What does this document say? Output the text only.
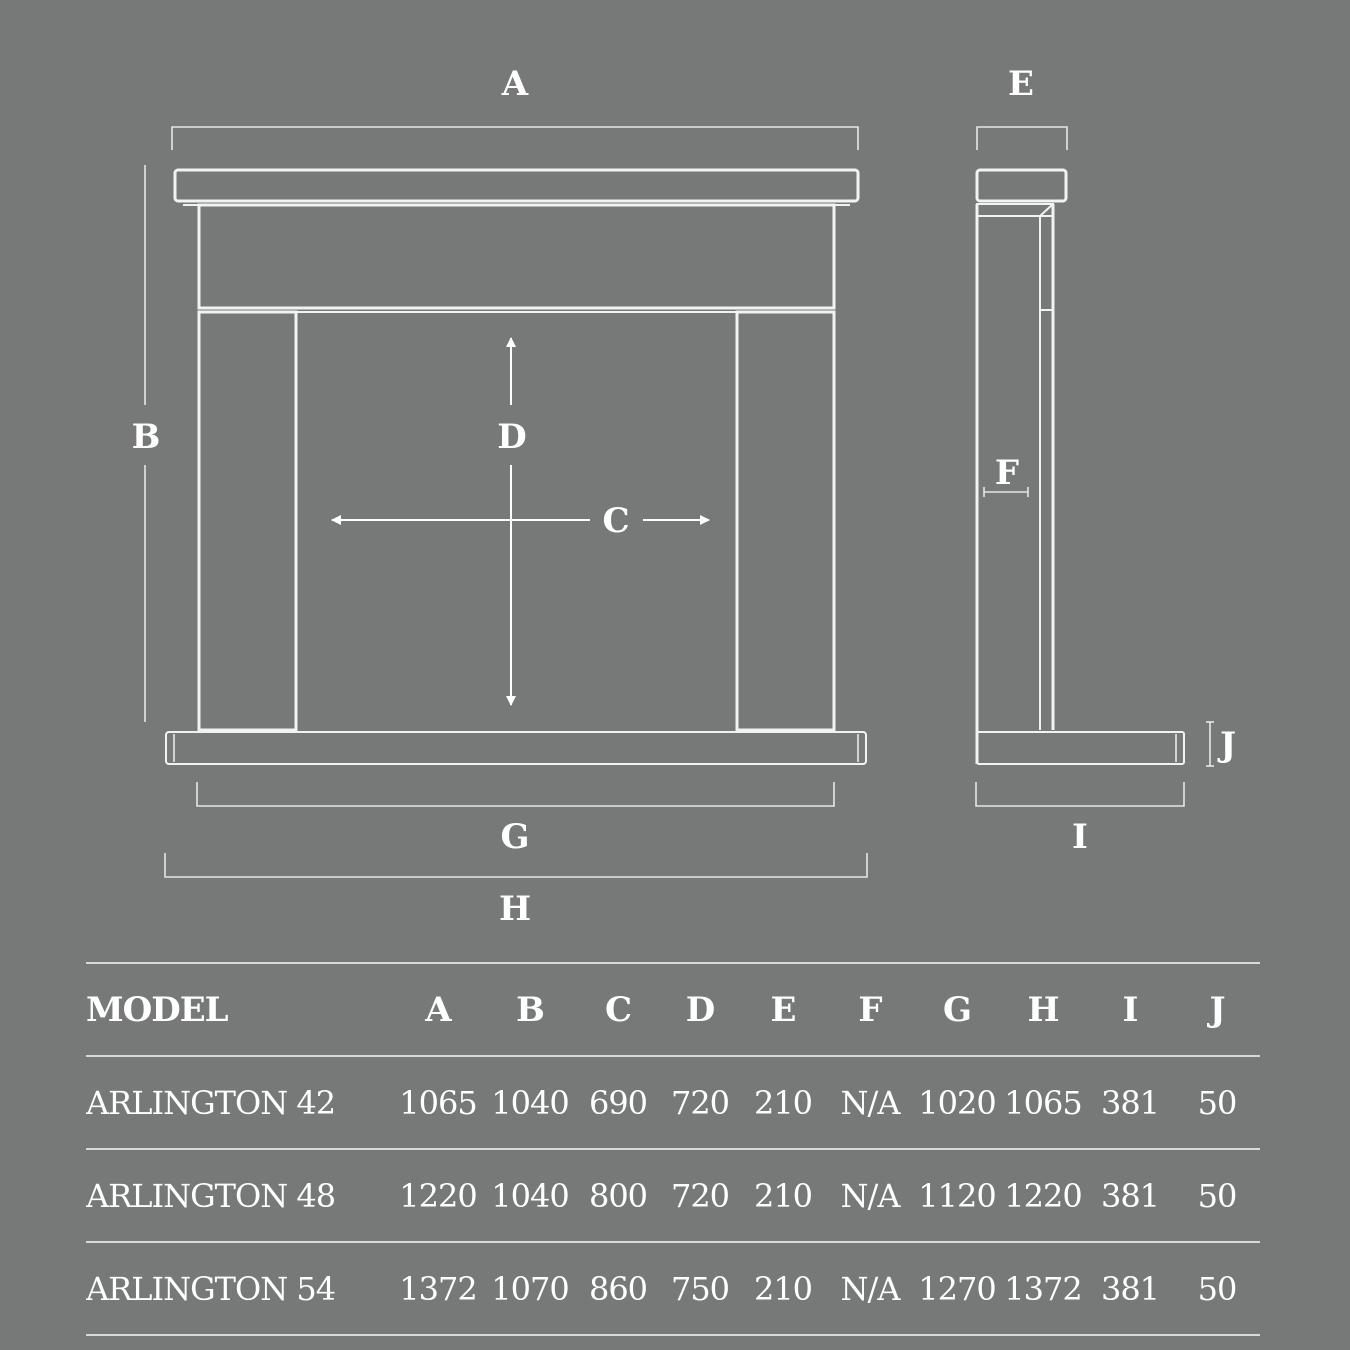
A	E
B	D
C
F
J
G	I
H
MODEL	A	B	C	D	E	F	G	H	I	J
ARLINGTON 42	1065	1040	690	720	210	N/A	1020	1065	381	50
ARLINGTON 48	1220	1040	800	720	210	N/A	1120	1220	381	50
ARLINGTON 54	1372	1070	860	750	210	N/A	1270	1372	381	50
